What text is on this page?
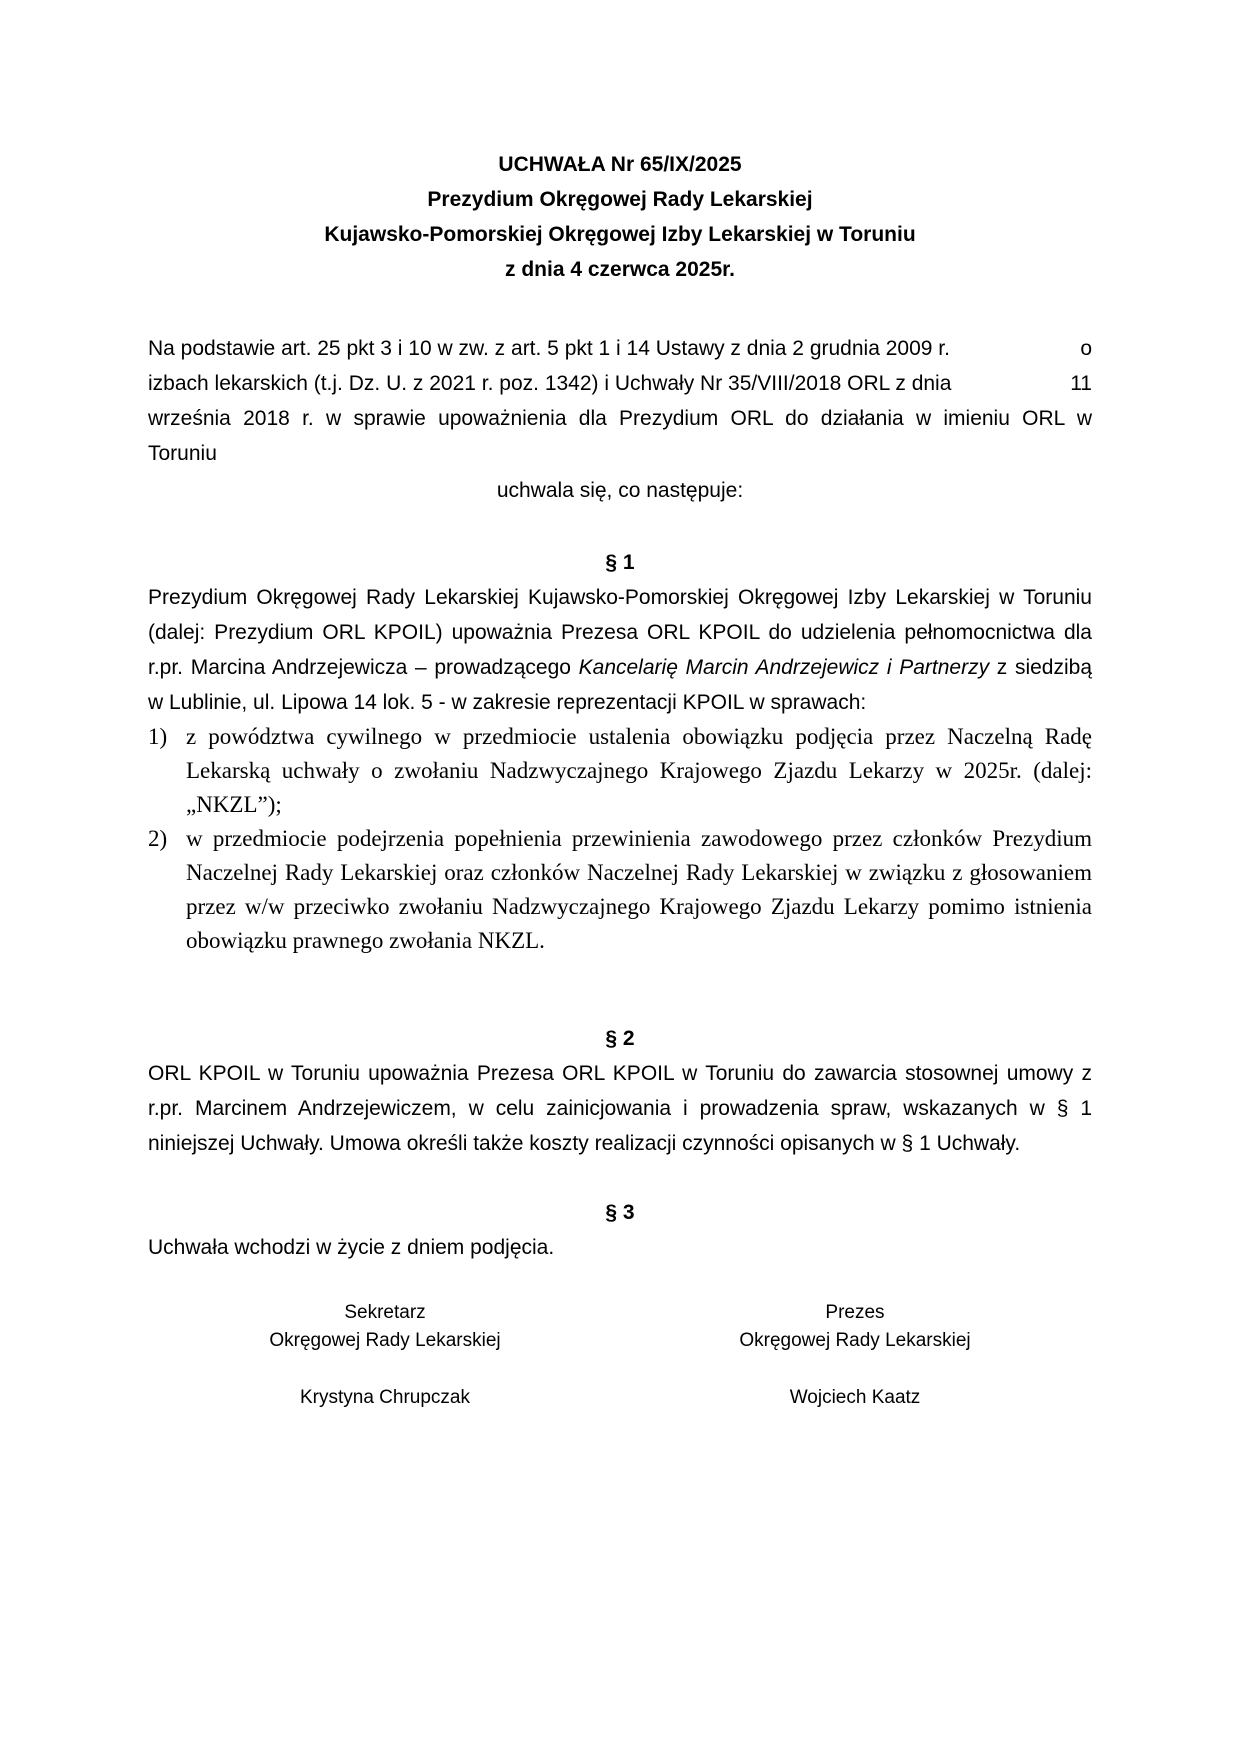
UCHWAŁA Nr 65/IX/2025
Prezydium Okręgowej Rady Lekarskiej
Kujawsko-Pomorskiej Okręgowej Izby Lekarskiej w Toruniu
z dnia 4 czerwca 2025r.
Na podstawie art. 25 pkt 3 i 10 w zw. z art. 5 pkt 1 i 14 Ustawy z dnia 2 grudnia 2009 r.	o
izbach lekarskich (t.j. Dz. U. z 2021 r. poz. 1342) i Uchwały Nr 35/VIII/2018 ORL z dnia	11
września 2018 r. w sprawie upoważnienia dla Prezydium ORL do działania w imieniu ORL w
Toruniu
uchwala się, co następuje:
§ 1
Prezydium Okręgowej Rady Lekarskiej Kujawsko-Pomorskiej Okręgowej Izby Lekarskiej w Toruniu (dalej: Prezydium ORL KPOIL) upoważnia Prezesa ORL KPOIL do udzielenia pełnomocnictwa dla r.pr. Marcina Andrzejewicza – prowadzącego Kancelarię Marcin Andrzejewicz i Partnerzy z siedzibą w Lublinie, ul. Lipowa 14 lok. 5 - w zakresie reprezentacji KPOIL w sprawach:
1) z powództwa cywilnego w przedmiocie ustalenia obowiązku podjęcia przez Naczelną Radę Lekarską uchwały o zwołaniu Nadzwyczajnego Krajowego Zjazdu Lekarzy w 2025r. (dalej: „NKZL”);
2) w przedmiocie podejrzenia popełnienia przewinienia zawodowego przez członków Prezydium Naczelnej Rady Lekarskiej oraz członków Naczelnej Rady Lekarskiej w związku z głosowaniem przez w/w przeciwko zwołaniu Nadzwyczajnego Krajowego Zjazdu Lekarzy pomimo istnienia obowiązku prawnego zwołania NKZL.
§ 2
ORL KPOIL w Toruniu upoważnia Prezesa ORL KPOIL w Toruniu do zawarcia stosownej umowy z r.pr. Marcinem Andrzejewiczem, w celu zainicjowania i prowadzenia spraw, wskazanych w § 1 niniejszej Uchwały. Umowa określi także koszty realizacji czynności opisanych w § 1 Uchwały.
§ 3
Uchwała wchodzi w życie z dniem podjęcia.
Sekretarz
Okręgowej Rady Lekarskiej
Krystyna Chrupczak
Prezes
Okręgowej Rady Lekarskiej
Wojciech Kaatz
